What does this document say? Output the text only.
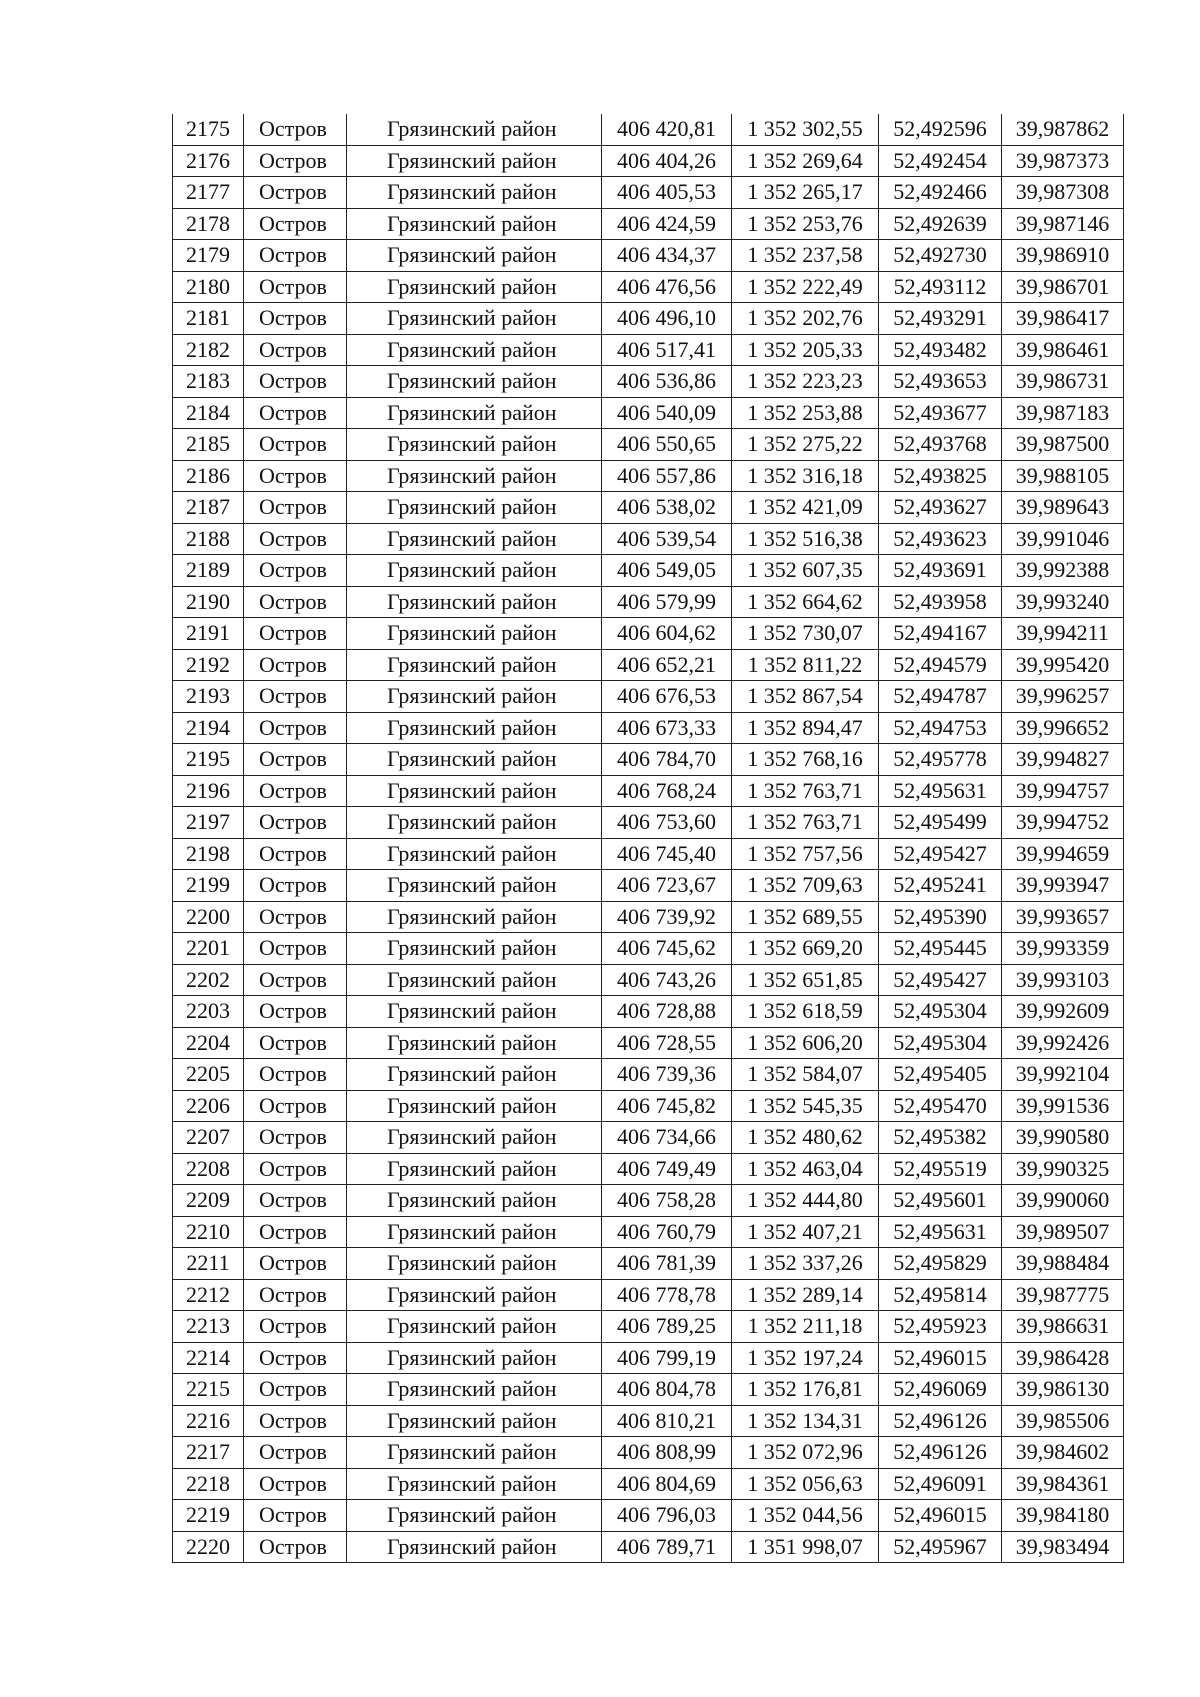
2175	Остров	Грязинский район	406 420,81	1 352 302,55	52,492596	39,987862
2176	Остров	Грязинский район	406 404,26	1 352 269,64	52,492454	39,987373
2177	Остров	Грязинский район	406 405,53	1 352 265,17	52,492466	39,987308
2178	Остров	Грязинский район	406 424,59	1 352 253,76	52,492639	39,987146
2179	Остров	Грязинский район	406 434,37	1 352 237,58	52,492730	39,986910
2180	Остров	Грязинский район	406 476,56	1 352 222,49	52,493112	39,986701
2181	Остров	Грязинский район	406 496,10	1 352 202,76	52,493291	39,986417
2182	Остров	Грязинский район	406 517,41	1 352 205,33	52,493482	39,986461
2183	Остров	Грязинский район	406 536,86	1 352 223,23	52,493653	39,986731
2184	Остров	Грязинский район	406 540,09	1 352 253,88	52,493677	39,987183
2185	Остров	Грязинский район	406 550,65	1 352 275,22	52,493768	39,987500
2186	Остров	Грязинский район	406 557,86	1 352 316,18	52,493825	39,988105
2187	Остров	Грязинский район	406 538,02	1 352 421,09	52,493627	39,989643
2188	Остров	Грязинский район	406 539,54	1 352 516,38	52,493623	39,991046
2189	Остров	Грязинский район	406 549,05	1 352 607,35	52,493691	39,992388
2190	Остров	Грязинский район	406 579,99	1 352 664,62	52,493958	39,993240
2191	Остров	Грязинский район	406 604,62	1 352 730,07	52,494167	39,994211
2192	Остров	Грязинский район	406 652,21	1 352 811,22	52,494579	39,995420
2193	Остров	Грязинский район	406 676,53	1 352 867,54	52,494787	39,996257
2194	Остров	Грязинский район	406 673,33	1 352 894,47	52,494753	39,996652
2195	Остров	Грязинский район	406 784,70	1 352 768,16	52,495778	39,994827
2196	Остров	Грязинский район	406 768,24	1 352 763,71	52,495631	39,994757
2197	Остров	Грязинский район	406 753,60	1 352 763,71	52,495499	39,994752
2198	Остров	Грязинский район	406 745,40	1 352 757,56	52,495427	39,994659
2199	Остров	Грязинский район	406 723,67	1 352 709,63	52,495241	39,993947
2200	Остров	Грязинский район	406 739,92	1 352 689,55	52,495390	39,993657
2201	Остров	Грязинский район	406 745,62	1 352 669,20	52,495445	39,993359
2202	Остров	Грязинский район	406 743,26	1 352 651,85	52,495427	39,993103
2203	Остров	Грязинский район	406 728,88	1 352 618,59	52,495304	39,992609
2204	Остров	Грязинский район	406 728,55	1 352 606,20	52,495304	39,992426
2205	Остров	Грязинский район	406 739,36	1 352 584,07	52,495405	39,992104
2206	Остров	Грязинский район	406 745,82	1 352 545,35	52,495470	39,991536
2207	Остров	Грязинский район	406 734,66	1 352 480,62	52,495382	39,990580
2208	Остров	Грязинский район	406 749,49	1 352 463,04	52,495519	39,990325
2209	Остров	Грязинский район	406 758,28	1 352 444,80	52,495601	39,990060
2210	Остров	Грязинский район	406 760,79	1 352 407,21	52,495631	39,989507
2211	Остров	Грязинский район	406 781,39	1 352 337,26	52,495829	39,988484
2212	Остров	Грязинский район	406 778,78	1 352 289,14	52,495814	39,987775
2213	Остров	Грязинский район	406 789,25	1 352 211,18	52,495923	39,986631
2214	Остров	Грязинский район	406 799,19	1 352 197,24	52,496015	39,986428
2215	Остров	Грязинский район	406 804,78	1 352 176,81	52,496069	39,986130
2216	Остров	Грязинский район	406 810,21	1 352 134,31	52,496126	39,985506
2217	Остров	Грязинский район	406 808,99	1 352 072,96	52,496126	39,984602
2218	Остров	Грязинский район	406 804,69	1 352 056,63	52,496091	39,984361
2219	Остров	Грязинский район	406 796,03	1 352 044,56	52,496015	39,984180
2220	Остров	Грязинский район	406 789,71	1 351 998,07	52,495967	39,983494
